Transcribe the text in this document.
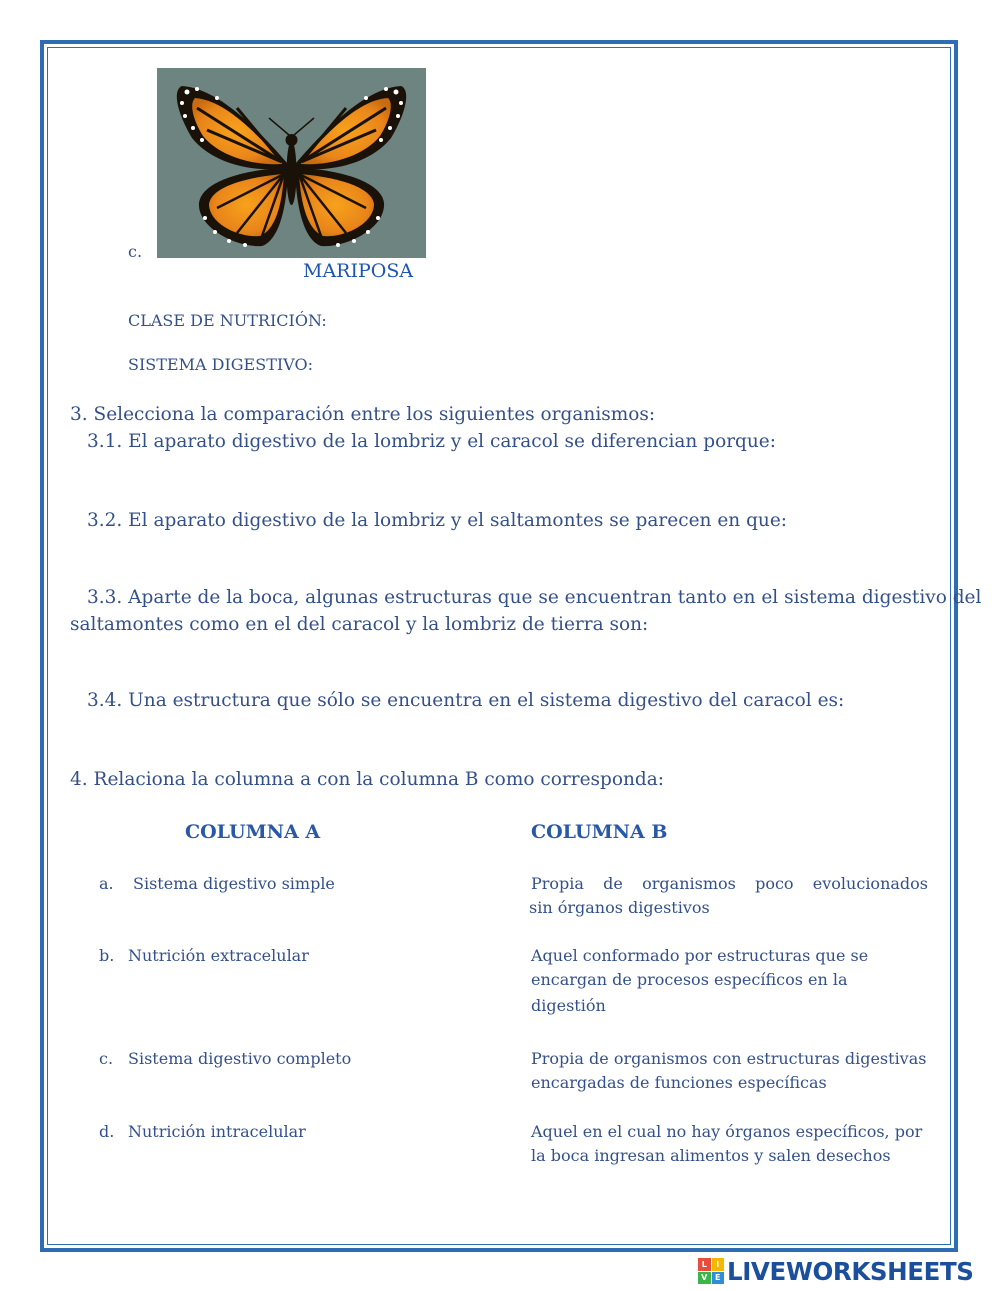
c.
MARIPOSA
CLASE DE NUTRICIÓN:
SISTEMA DIGESTIVO:
3. Selecciona la comparación entre los siguientes organismos:
3.1. El aparato digestivo de la lombriz y el caracol se diferencian porque:
3.2. El aparato digestivo de la lombriz y el saltamontes se parecen en que:
3.3. Aparte de la boca, algunas estructuras que se encuentran tanto en el sistema digestivo del
saltamontes como en el del caracol y la lombriz de tierra son:
3.4. Una estructura que sólo se encuentra en el sistema digestivo del caracol es:
4. Relaciona la columna a con la columna B como corresponda:
COLUMNA A	COLUMNA B
a. Sistema digestivo simple
b. Nutrición extracelular
c. Sistema digestivo completo
d. Nutrición intracelular
Propia de organismos poco evolucionados
sin órganos digestivos
Aquel conformado por estructuras que se
encargan de procesos específicos en la
digestión
Propia de organismos con estructuras digestivas
encargadas de funciones específicas
Aquel en el cual no hay órganos específicos, por
la boca ingresan alimentos y salen desechos
L	I
V E LIVEWORKSHEETS
